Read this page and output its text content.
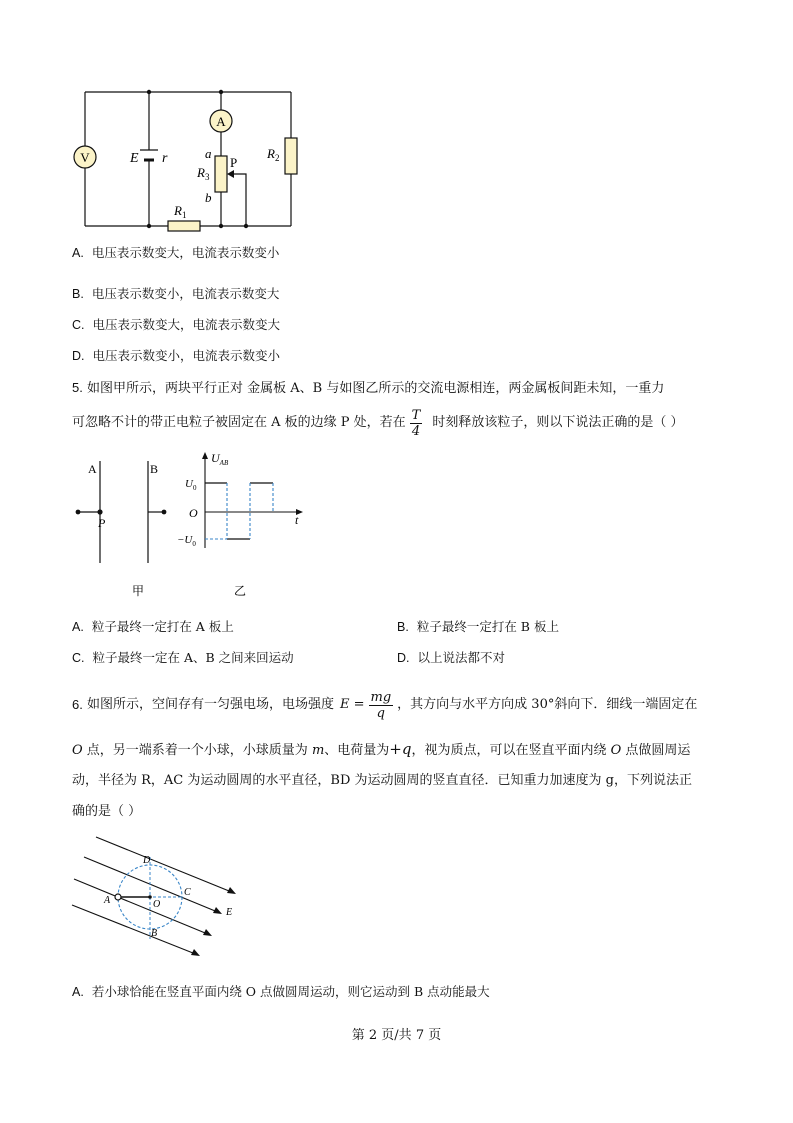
V
A
E r	a
b
P
$R_3$
$R_2$
$R_1$
A. 电压表示数变大，电流表示数变小
B. 电压表示数变小，电流表示数变大
C. 电压表示数变大，电流表示数变大
D. 电压表示数变小，电流表示数变小
5. 如图甲所示，两块平行正对 金属板 A、B 与如图乙所示的交流电源相连，两金属板间距未知，一重力
可忽略不计的带正电粒子被固定在 A 板的边缘 P 处，若在 $\frac{T}{4}$ 时刻释放该粒子，则以下说法正确的是（ ）
A	B
P
甲
$U_{AB}$
$U_0$
O
$-U_0$
t
乙
A. 粒子最终一定打在 A 板上	B. 粒子最终一定打在 B 板上
C. 粒子最终一定在 A、B 之间来回运动	D. 以上说法都不对
6.
如图所示，空间存有一匀强电场，电场强度 $E = \frac{mg}{q}$ ，其方向与水平方向成 30°斜向下．细线一端固定在
O 点，另一端系着一个小球，小球质量为 m、电荷量为+q，视为质点，可以在竖直平面内绕 O 点做圆周运
动，半径为 R，AC 为运动圆周的水平直径，BD 为运动圆周的竖直直径．已知重力加速度为 g，下列说法正
确的是（ ）
A	O
C
D
B
E
A. 若小球恰能在竖直平面内绕 O 点做圆周运动，则它运动到 B 点动能最大
第 2 页/共 7 页
